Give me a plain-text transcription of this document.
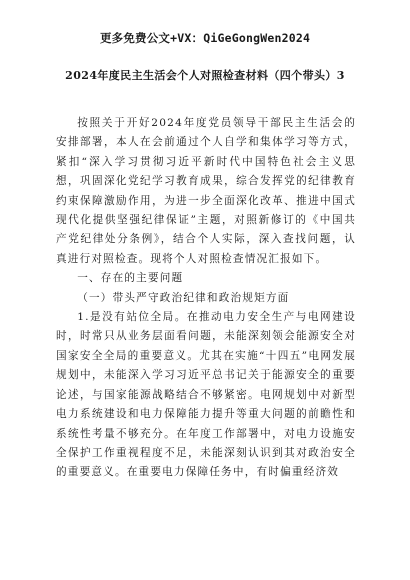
更多免费公文+VX：QiGeGongWen2024
2024年度民主生活会个人对照检查材料（四个带头）3

按照关于开好2024年度党员领导干部民主生活会的安排部署，本人在会前通过个人自学和集体学习等方式，紧扣“深入学习贯彻习近平新时代中国特色社会主义思想，巩固深化党纪学习教育成果，综合发挥党的纪律教育约束保障激励作用，为进一步全面深化改革、推进中国式现代化提供坚强纪律保证”主题，对照新修订的《中国共产党纪律处分条例》，结合个人实际，深入查找问题，认真进行对照检查。现将个人对照检查情况汇报如下。

一、存在的主要问题

（一）带头严守政治纪律和政治规矩方面

1.是没有站位全局。在推动电力安全生产与电网建设时，时常只从业务层面看问题，未能深刻领会能源安全对国家安全全局的重要意义。尤其在实施“十四五”电网发展规划中，未能深入学习习近平总书记关于能源安全的重要论述，与国家能源战略结合不够紧密。电网规划中对新型电力系统建设和电力保障能力提升等重大问题的前瞻性和系统性考量不够充分。在年度工作部署中，对电力设施安全保护工作重视程度不足，未能深刻认识到其对政治安全的重要意义。在重要电力保障任务中，有时偏重经济效
